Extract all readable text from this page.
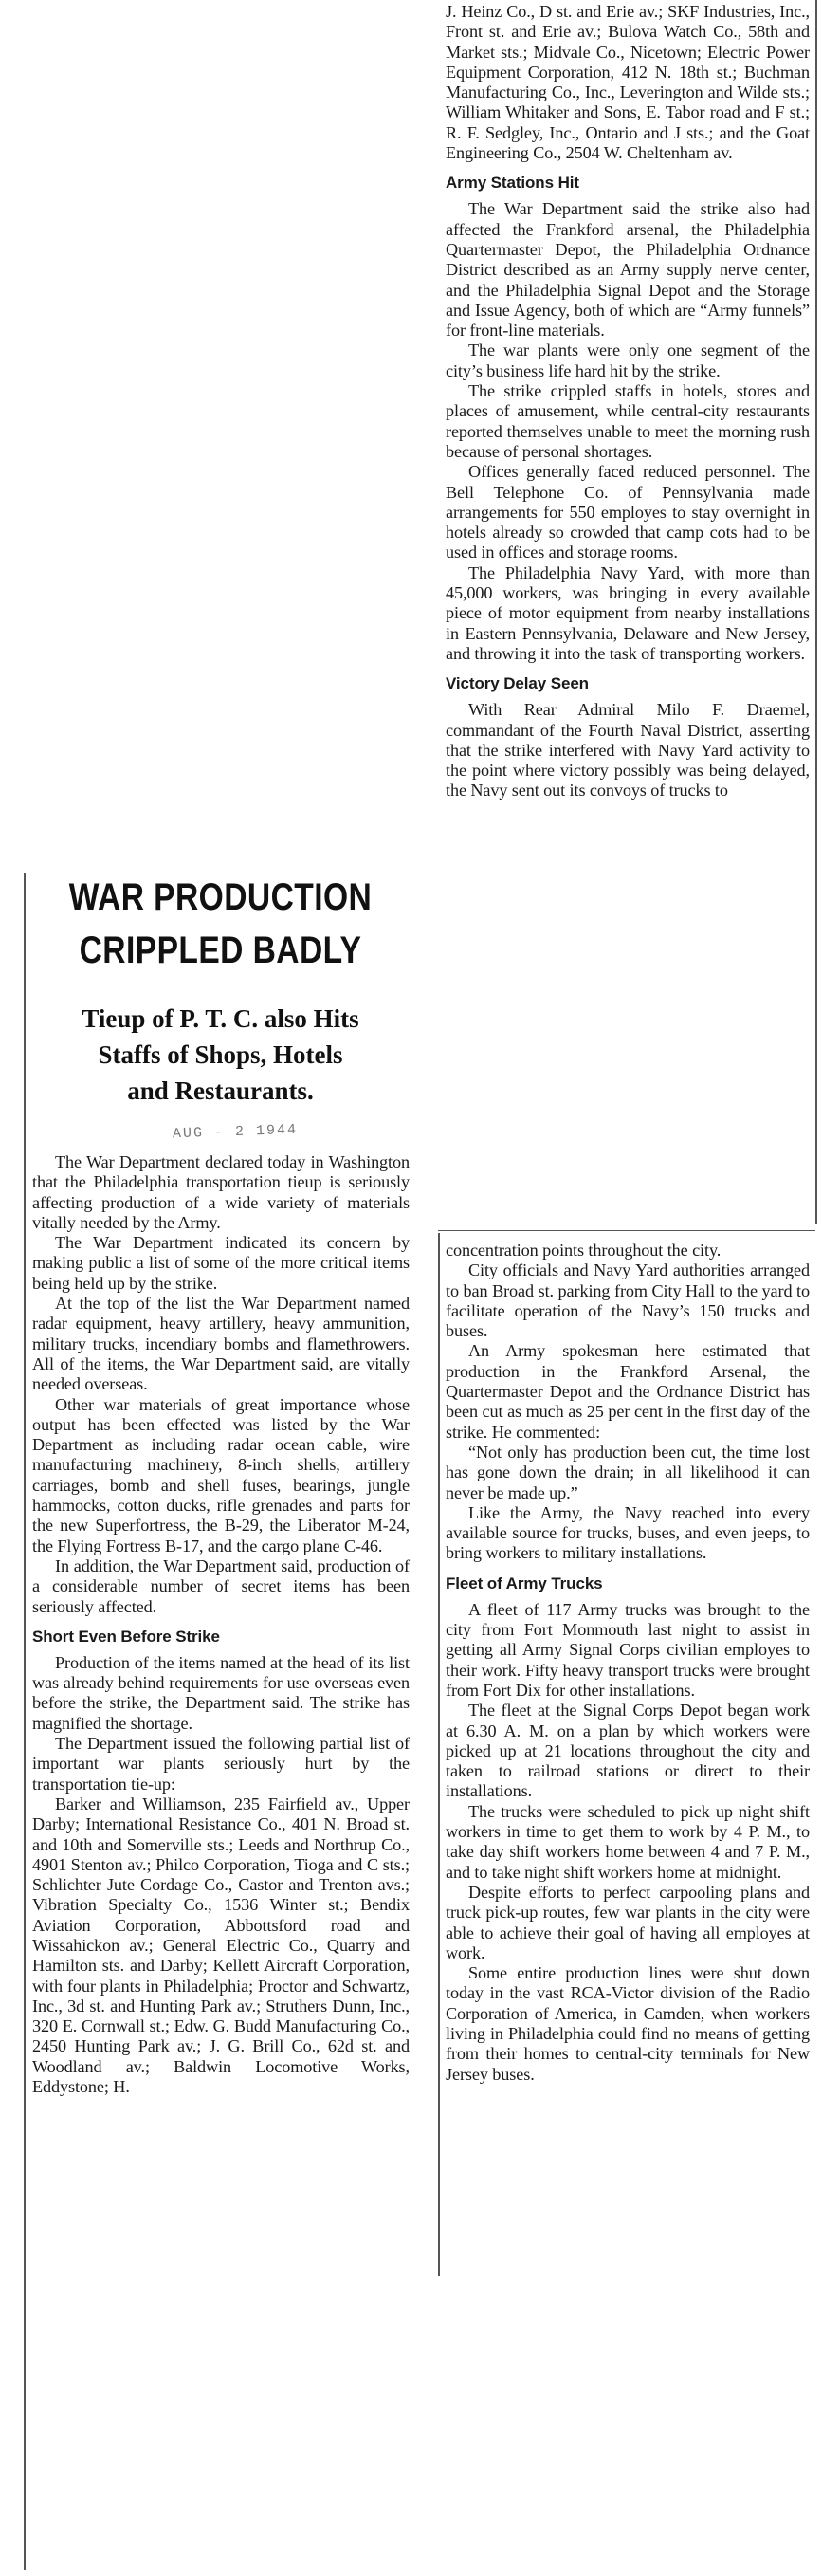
WAR PRODUCTION
CRIPPLED BADLY
Tieup of P. T. C. also Hits
Staffs of Shops, Hotels
and Restaurants.
AUG - 2 1944

The War Department declared today in Washington that the Philadelphia transportation tieup is seriously affecting production of a wide variety of materials vitally needed by the Army.

The War Department indicated its concern by making public a list of some of the more critical items being held up by the strike.

At the top of the list the War Department named radar equipment, heavy artillery, heavy ammunition, military trucks, incendiary bombs and flamethrowers. All of the items, the War Department said, are vitally needed overseas.

Other war materials of great importance whose output has been effected was listed by the War Department as including radar ocean cable, wire manufacturing machinery, 8-inch shells, artillery carriages, bomb and shell fuses, bearings, jungle hammocks, cotton ducks, rifle grenades and parts for the new Superfortress, the B-29, the Liberator M-24, the Flying Fortress B-17, and the cargo plane C-46.

In addition, the War Department said, production of a considerable number of secret items has been seriously affected.

Short Even Before Strike

Production of the items named at the head of its list was already behind requirements for use overseas even before the strike, the Department said. The strike has magnified the shortage.

The Department issued the following partial list of important war plants seriously hurt by the transportation tie-up:

Barker and Williamson, 235 Fairfield av., Upper Darby; International Resistance Co., 401 N. Broad st. and 10th and Somerville sts.; Leeds and Northrup Co., 4901 Stenton av.; Philco Corporation, Tioga and C sts.; Schlichter Jute Cordage Co., Castor and Trenton avs.; Vibration Specialty Co., 1536 Winter st.; Bendix Aviation Corporation, Abbottsford road and Wissahickon av.; General Electric Co., Quarry and Hamilton sts. and Darby; Kellett Aircraft Corporation, with four plants in Philadelphia; Proctor and Schwartz, Inc., 3d st. and Hunting Park av.; Struthers Dunn, Inc., 320 E. Cornwall st.; Edw. G. Budd Manufacturing Co., 2450 Hunting Park av.; J. G. Brill Co., 62d st. and Woodland av.; Baldwin Locomotive Works, Eddystone; H.

J. Heinz Co., D st. and Erie av.; SKF Industries, Inc., Front st. and Erie av.; Bulova Watch Co., 58th and Market sts.; Midvale Co., Nicetown; Electric Power Equipment Corporation, 412 N. 18th st.; Buchman Manufacturing Co., Inc., Leverington and Wilde sts.; William Whitaker and Sons, E. Tabor road and F st.; R. F. Sedgley, Inc., Ontario and J sts.; and the Goat Engineering Co., 2504 W. Cheltenham av.

Army Stations Hit

The War Department said the strike also had affected the Frankford arsenal, the Philadelphia Quartermaster Depot, the Philadelphia Ordnance District described as an Army supply nerve center, and the Philadelphia Signal Depot and the Storage and Issue Agency, both of which are “Army funnels” for front-line materials.

The war plants were only one segment of the city’s business life hard hit by the strike.

The strike crippled staffs in hotels, stores and places of amusement, while central-city restaurants reported themselves unable to meet the morning rush because of personal shortages.

Offices generally faced reduced personnel. The Bell Telephone Co. of Pennsylvania made arrangements for 550 employes to stay overnight in hotels already so crowded that camp cots had to be used in offices and storage rooms.

The Philadelphia Navy Yard, with more than 45,000 workers, was bringing in every available piece of motor equipment from nearby installations in Eastern Pennsylvania, Delaware and New Jersey, and throwing it into the task of transporting workers.

Victory Delay Seen

With Rear Admiral Milo F. Draemel, commandant of the Fourth Naval District, asserting that the strike interfered with Navy Yard activity to the point where victory possibly was being delayed, the Navy sent out its convoys of trucks to

concentration points throughout the city.

City officials and Navy Yard authorities arranged to ban Broad st. parking from City Hall to the yard to facilitate operation of the Navy’s 150 trucks and buses.

An Army spokesman here estimated that production in the Frankford Arsenal, the Quartermaster Depot and the Ordnance District has been cut as much as 25 per cent in the first day of the strike. He commented:

“Not only has production been cut, the time lost has gone down the drain; in all likelihood it can never be made up.”

Like the Army, the Navy reached into every available source for trucks, buses, and even jeeps, to bring workers to military installations.

Fleet of Army Trucks

A fleet of 117 Army trucks was brought to the city from Fort Monmouth last night to assist in getting all Army Signal Corps civilian employes to their work. Fifty heavy transport trucks were brought from Fort Dix for other installations.

The fleet at the Signal Corps Depot began work at 6.30 A. M. on a plan by which workers were picked up at 21 locations throughout the city and taken to railroad stations or direct to their installations.

The trucks were scheduled to pick up night shift workers in time to get them to work by 4 P. M., to take day shift workers home between 4 and 7 P. M., and to take night shift workers home at midnight.

Despite efforts to perfect carpooling plans and truck pick-up routes, few war plants in the city were able to achieve their goal of having all employes at work.

Some entire production lines were shut down today in the vast RCA-Victor division of the Radio Corporation of America, in Camden, when workers living in Philadelphia could find no means of getting from their homes to central-city terminals for New Jersey buses.
